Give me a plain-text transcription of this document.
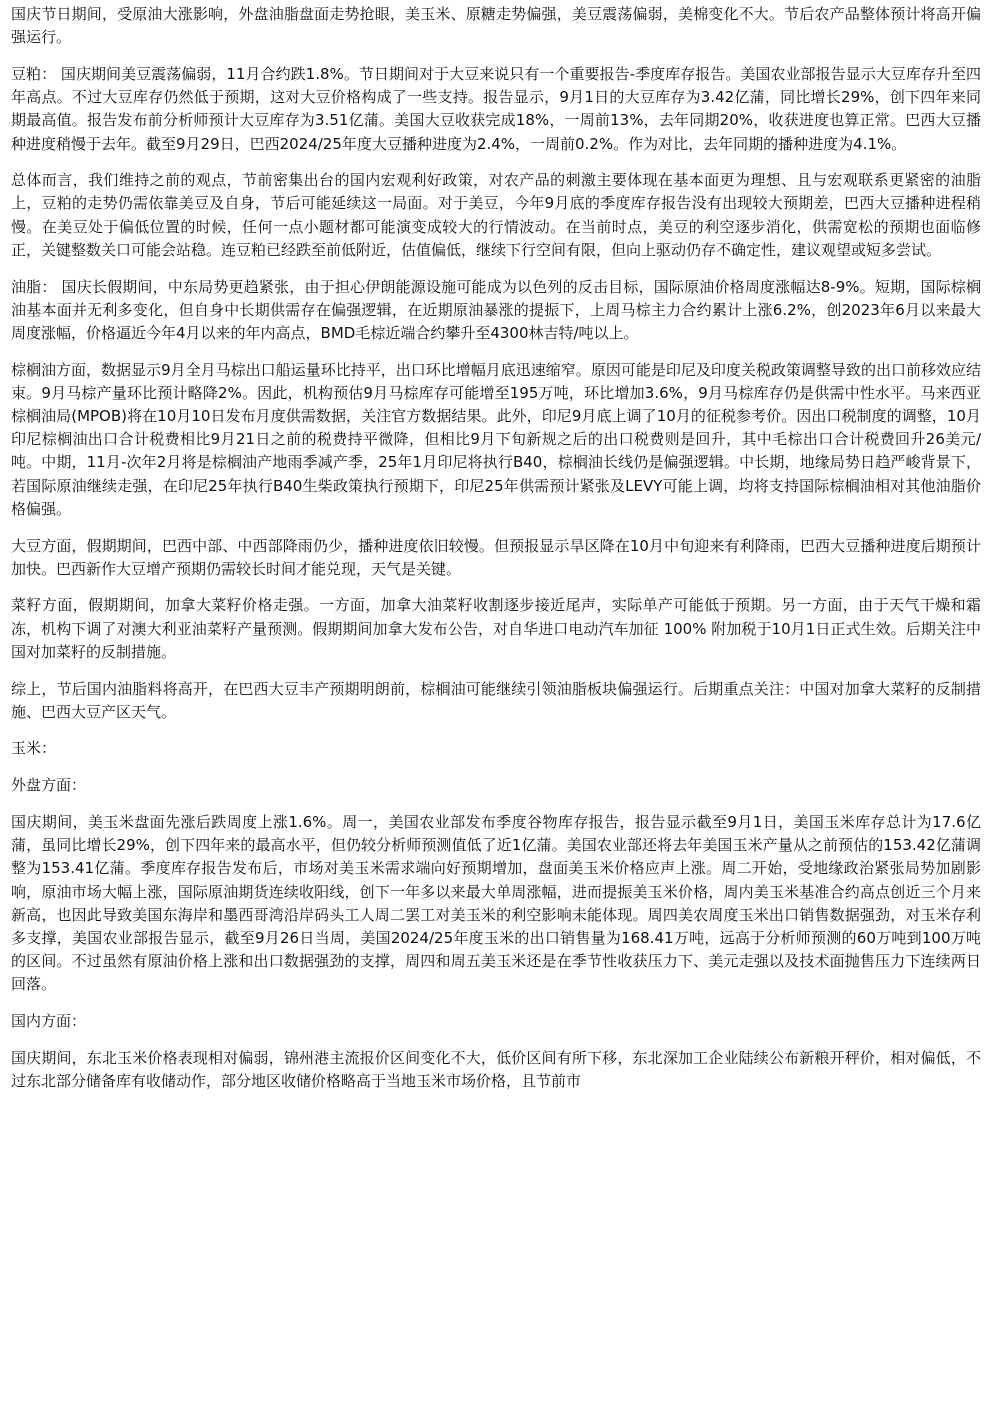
国庆节日期间，受原油大涨影响，外盘油脂盘面走势抢眼，美玉米、原糖走势偏强，美豆震荡偏弱，美棉变化不大。节后农产品整体预计将高开偏强运行。

豆粕： 国庆期间美豆震荡偏弱，11月合约跌1.8%。节日期间对于大豆来说只有一个重要报告-季度库存报告。美国农业部报告显示大豆库存升至四年高点。不过大豆库存仍然低于预期，这对大豆价格构成了一些支持。报告显示，9月1日的大豆库存为3.42亿蒲，同比增长29%，创下四年来同期最高值。报告发布前分析师预计大豆库存为3.51亿蒲。美国大豆收获完成18%，一周前13%，去年同期20%，收获进度也算正常。巴西大豆播种进度稍慢于去年。截至9月29日，巴西2024/25年度大豆播种进度为2.4%，一周前0.2%。作为对比，去年同期的播种进度为4.1%。

总体而言，我们维持之前的观点，节前密集出台的国内宏观利好政策，对农产品的刺激主要体现在基本面更为理想、且与宏观联系更紧密的油脂上，豆粕的走势仍需依靠美豆及自身，节后可能延续这一局面。对于美豆，今年9月底的季度库存报告没有出现较大预期差，巴西大豆播种进程稍慢。在美豆处于偏低位置的时候，任何一点小题材都可能演变成较大的行情波动。在当前时点，美豆的利空逐步消化，供需宽松的预期也面临修正，关键整数关口可能会站稳。连豆粕已经跌至前低附近，估值偏低，继续下行空间有限，但向上驱动仍存不确定性，建议观望或短多尝试。

油脂： 国庆长假期间，中东局势更趋紧张，由于担心伊朗能源设施可能成为以色列的反击目标，国际原油价格周度涨幅达8-9%。短期，国际棕榈油基本面并无利多变化，但自身中长期供需存在偏强逻辑，在近期原油暴涨的提振下，上周马棕主力合约累计上涨6.2%，创2023年6月以来最大周度涨幅，价格逼近今年4月以来的年内高点，BMD毛棕近端合约攀升至4300林吉特/吨以上。

棕榈油方面，数据显示9月全月马棕出口船运量环比持平，出口环比增幅月底迅速缩窄。原因可能是印尼及印度关税政策调整导致的出口前移效应结束。9月马棕产量环比预计略降2%。因此，机构预估9月马棕库存可能增至195万吨，环比增加3.6%，9月马棕库存仍是供需中性水平。马来西亚棕榈油局(MPOB)将在10月10日发布月度供需数据，关注官方数据结果。此外，印尼9月底上调了10月的征税参考价。因出口税制度的调整，10月印尼棕榈油出口合计税费相比9月21日之前的税费持平微降，但相比9月下旬新规之后的出口税费则是回升，其中毛棕出口合计税费回升26美元/吨。中期，11月-次年2月将是棕榈油产地雨季减产季，25年1月印尼将执行B40，棕榈油长线仍是偏强逻辑。中长期，地缘局势日趋严峻背景下，若国际原油继续走强，在印尼25年执行B40生柴政策执行预期下，印尼25年供需预计紧张及LEVY可能上调，均将支持国际棕榈油相对其他油脂价格偏强。

大豆方面，假期期间，巴西中部、中西部降雨仍少，播种进度依旧较慢。但预报显示旱区降在10月中旬迎来有利降雨，巴西大豆播种进度后期预计加快。巴西新作大豆增产预期仍需较长时间才能兑现，天气是关键。

菜籽方面，假期期间，加拿大菜籽价格走强。一方面，加拿大油菜籽收割逐步接近尾声，实际单产可能低于预期。另一方面，由于天气干燥和霜冻，机构下调了对澳大利亚油菜籽产量预测。假期期间加拿大发布公告，对自华进口电动汽车加征 100% 附加税于10月1日正式生效。后期关注中国对加菜籽的反制措施。

综上，节后国内油脂料将高开，在巴西大豆丰产预期明朗前，棕榈油可能继续引领油脂板块偏强运行。后期重点关注：中国对加拿大菜籽的反制措施、巴西大豆产区天气。

玉米：

外盘方面：

国庆期间，美玉米盘面先涨后跌周度上涨1.6%。周一，美国农业部发布季度谷物库存报告，报告显示截至9月1日，美国玉米库存总计为17.6亿蒲，虽同比增长29%，创下四年来的最高水平，但仍较分析师预测值低了近1亿蒲。美国农业部还将去年美国玉米产量从之前预估的153.42亿蒲调整为153.41亿蒲。季度库存报告发布后，市场对美玉米需求端向好预期增加，盘面美玉米价格应声上涨。周二开始，受地缘政治紧张局势加剧影响，原油市场大幅上涨，国际原油期货连续收阳线，创下一年多以来最大单周涨幅，进而提振美玉米价格，周内美玉米基准合约高点创近三个月来新高，也因此导致美国东海岸和墨西哥湾沿岸码头工人周二罢工对美玉米的利空影响未能体现。周四美农周度玉米出口销售数据强劲，对玉米存利多支撑，美国农业部报告显示，截至9月26日当周，美国2024/25年度玉米的出口销售量为168.41万吨，远高于分析师预测的60万吨到100万吨的区间。不过虽然有原油价格上涨和出口数据强劲的支撑，周四和周五美玉米还是在季节性收获压力下、美元走强以及技术面抛售压力下连续两日回落。

国内方面：

国庆期间，东北玉米价格表现相对偏弱，锦州港主流报价区间变化不大，低价区间有所下移，东北深加工企业陆续公布新粮开秤价，相对偏低，不过东北部分储备库有收储动作，部分地区收储价格略高于当地玉米市场价格，且节前市
